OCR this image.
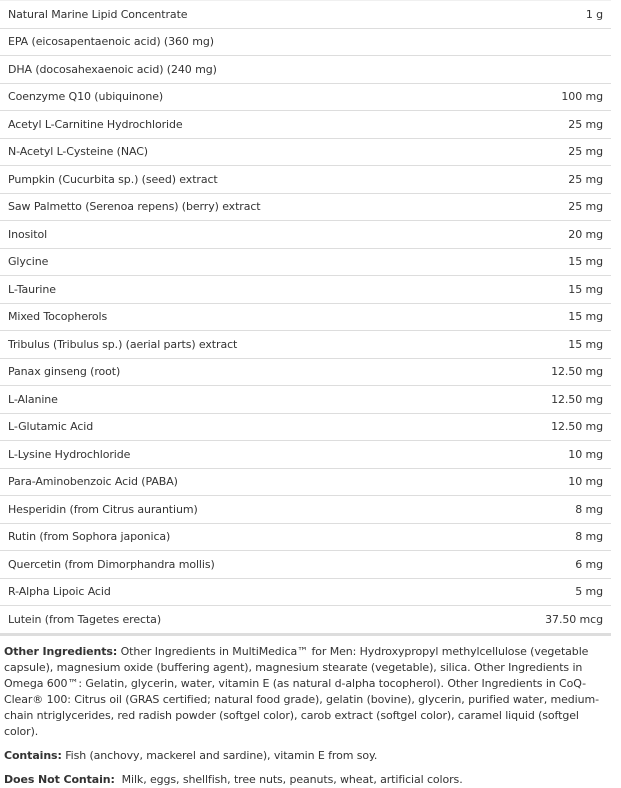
Natural Marine Lipid Concentrate	1 g
EPA (eicosapentaenoic acid) (360 mg)	
DHA (docosahexaenoic acid) (240 mg)	
Coenzyme Q10 (ubiquinone)	100 mg
Acetyl L-Carnitine Hydrochloride	25 mg
N-Acetyl L-Cysteine (NAC)	25 mg
Pumpkin (Cucurbita sp.) (seed) extract	25 mg
Saw Palmetto (Serenoa repens) (berry) extract	25 mg
Inositol	20 mg
Glycine	15 mg
L-Taurine	15 mg
Mixed Tocopherols	15 mg
Tribulus (Tribulus sp.) (aerial parts) extract	15 mg
Panax ginseng (root)	12.50 mg
L-Alanine	12.50 mg
L-Glutamic Acid	12.50 mg
L-Lysine Hydrochloride	10 mg
Para-Aminobenzoic Acid (PABA)	10 mg
Hesperidin (from Citrus aurantium)	8 mg
Rutin (from Sophora japonica)	8 mg
Quercetin (from Dimorphandra mollis)	6 mg
R-Alpha Lipoic Acid	5 mg
Lutein (from Tagetes erecta)	37.50 mcg

Other Ingredients: Other Ingredients in MultiMedica™ for Men: Hydroxypropyl methylcellulose (vegetable capsule), magnesium oxide (buffering agent), magnesium stearate (vegetable), silica. Other Ingredients in Omega 600™: Gelatin, glycerin, water, vitamin E (as natural d-alpha tocopherol). Other Ingredients in CoQ-Clear® 100: Citrus oil (GRAS certified; natural food grade), gelatin (bovine), glycerin, purified water, medium-chain ntriglycerides, red radish powder (softgel color), carob extract (softgel color), caramel liquid (softgel color).

Contains: Fish (anchovy, mackerel and sardine), vitamin E from soy.

Does Not Contain:  Milk, eggs, shellfish, tree nuts, peanuts, wheat, artificial colors.
